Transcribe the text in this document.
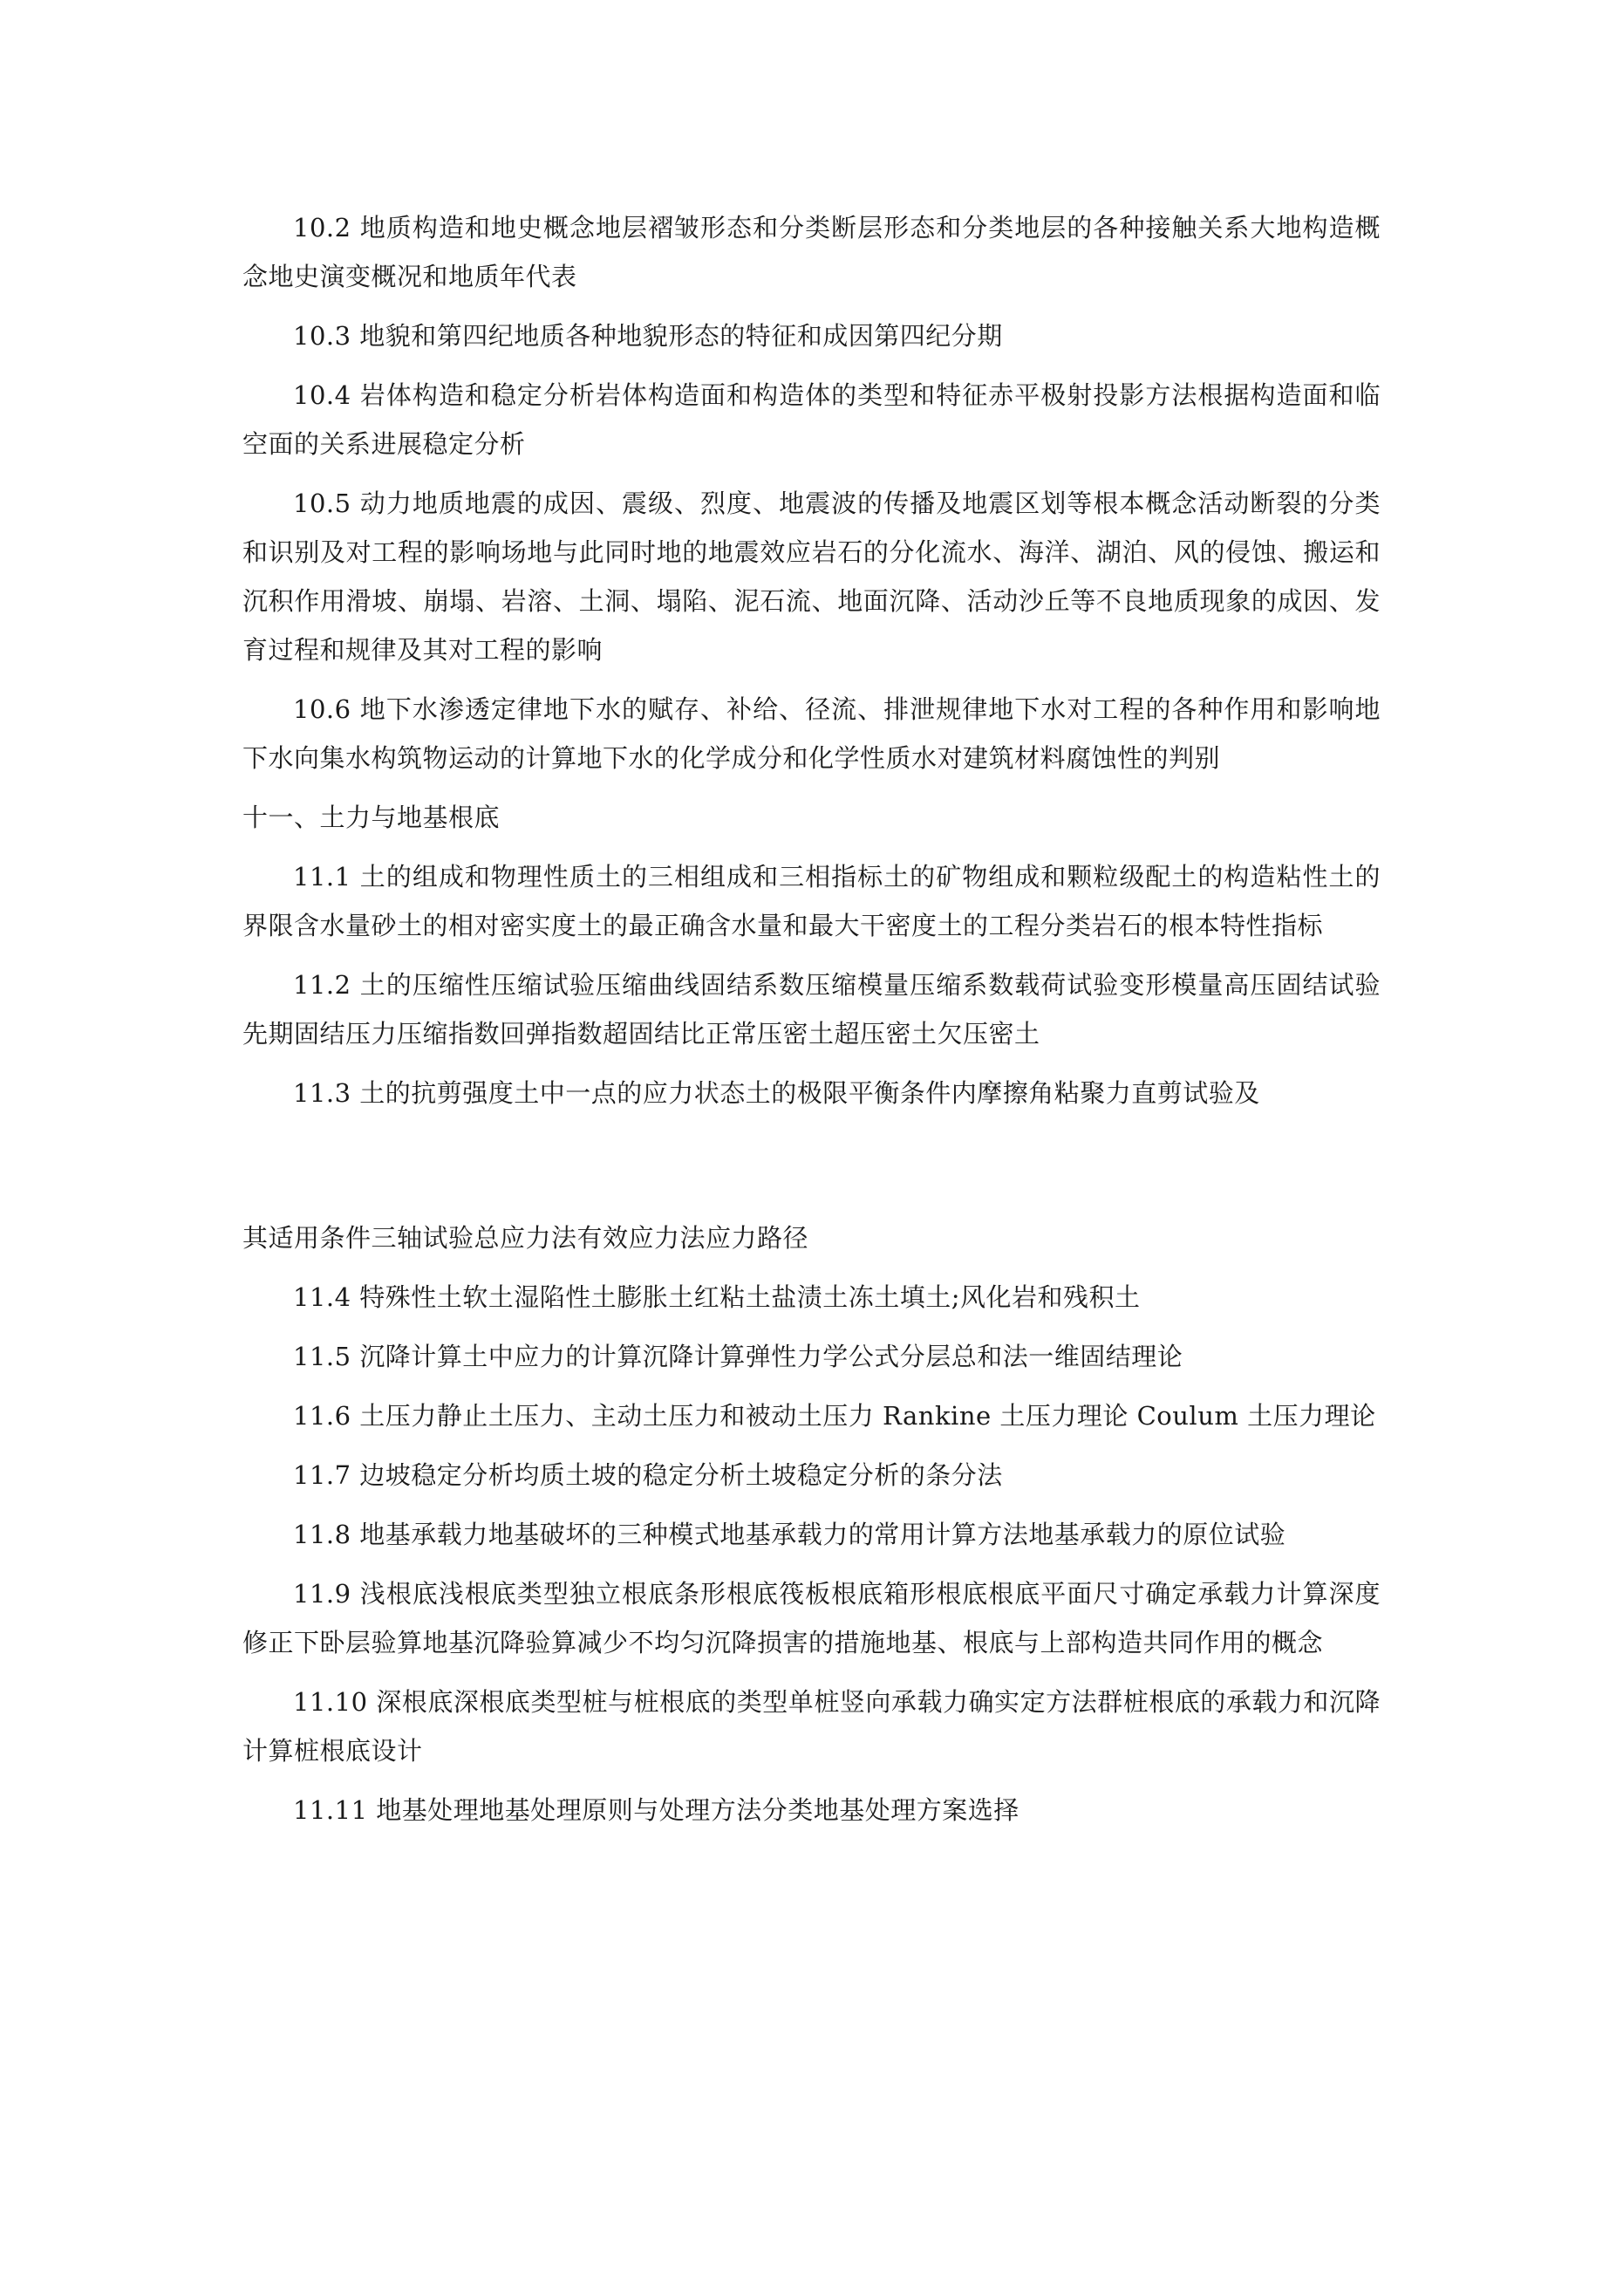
10.2 地质构造和地史概念地层褶皱形态和分类断层形态和分类地层的各种接触关系大地构造概念地史演变概况和地质年代表

10.3 地貌和第四纪地质各种地貌形态的特征和成因第四纪分期

10.4 岩体构造和稳定分析岩体构造面和构造体的类型和特征赤平极射投影方法根据构造面和临空面的关系进展稳定分析

10.5 动力地质地震的成因、震级、烈度、地震波的传播及地震区划等根本概念活动断裂的分类和识别及对工程的影响场地与此同时地的地震效应岩石的分化流水、海洋、湖泊、风的侵蚀、搬运和沉积作用滑坡、崩塌、岩溶、土洞、塌陷、泥石流、地面沉降、活动沙丘等不良地质现象的成因、发育过程和规律及其对工程的影响

10.6 地下水渗透定律地下水的赋存、补给、径流、排泄规律地下水对工程的各种作用和影响地下水向集水构筑物运动的计算地下水的化学成分和化学性质水对建筑材料腐蚀性的判别

十一、土力与地基根底

11.1 土的组成和物理性质土的三相组成和三相指标土的矿物组成和颗粒级配土的构造粘性土的界限含水量砂土的相对密实度土的最正确含水量和最大干密度土的工程分类岩石的根本特性指标

11.2 土的压缩性压缩试验压缩曲线固结系数压缩模量压缩系数载荷试验变形模量高压固结试验 先期固结压力压缩指数回弹指数超固结比正常压密土超压密土欠压密土

11.3 土的抗剪强度土中一点的应力状态土的极限平衡条件内摩擦角粘聚力直剪试验及

其适用条件三轴试验总应力法有效应力法应力路径

11.4 特殊性土软土湿陷性土膨胀土红粘土盐渍土冻土填土;风化岩和残积土

11.5 沉降计算土中应力的计算沉降计算弹性力学公式分层总和法一维固结理论

11.6 土压力静止土压力、主动土压力和被动土压力 Rankine 土压力理论 Coulum 土压力理论

11.7 边坡稳定分析均质土坡的稳定分析土坡稳定分析的条分法

11.8 地基承载力地基破坏的三种模式地基承载力的常用计算方法地基承载力的原位试验

11.9 浅根底浅根底类型独立根底条形根底筏板根底箱形根底根底平面尺寸确定承载力计算深度修正下卧层验算地基沉降验算减少不均匀沉降损害的措施地基、根底与上部构造共同作用的概念

11.10 深根底深根底类型桩与桩根底的类型单桩竖向承载力确实定方法群桩根底的承载力和沉降计算桩根底设计

11.11 地基处理地基处理原则与处理方法分类地基处理方案选择
